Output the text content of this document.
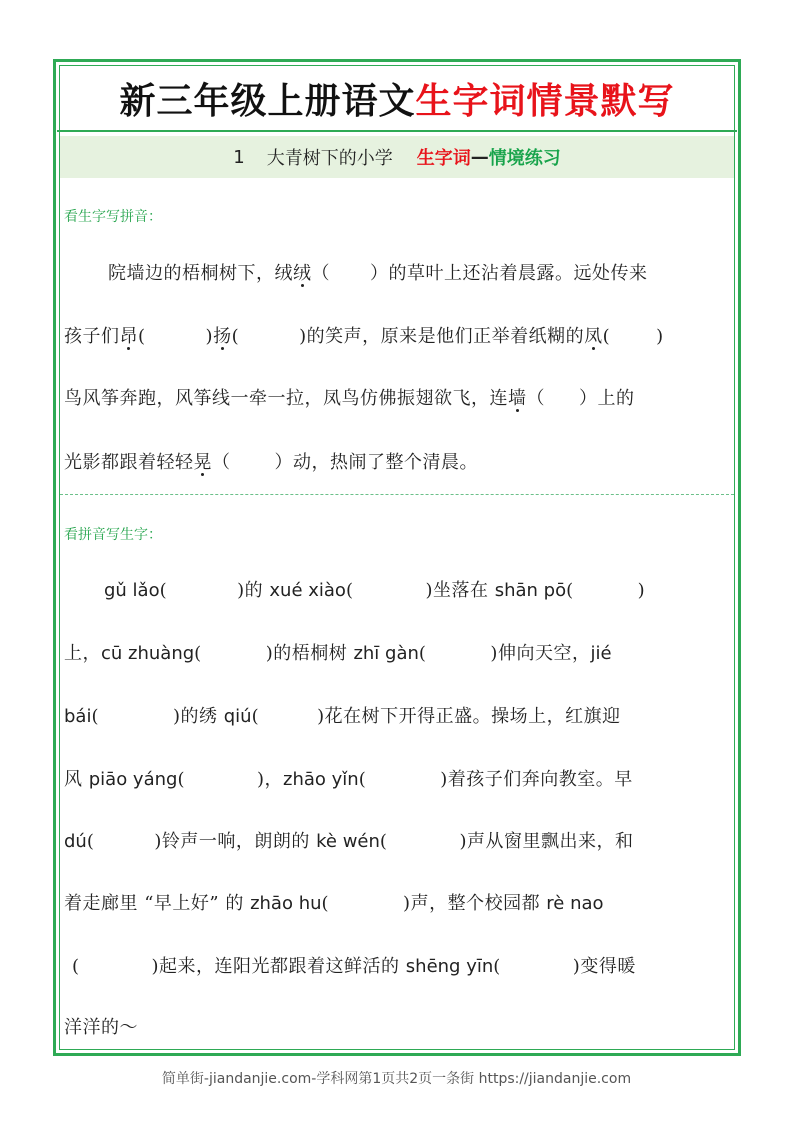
新三年级上册语文 生字词情景默写
1 大青树下的小学 生字词 — 情境练习
看生字写拼音：
院墙边的梧桐树下，绒绒（ ）的草叶上还沾着晨露。远处传来
孩子们昂(	)扬(	)的笑声，原来是他们正举着纸糊的凤(	)
鸟风筝奔跑，风筝线一牵一拉，凤鸟仿佛振翅欲飞，连墙（ ）上的
光影都跟着轻轻晃（ ）动，热闹了整个清晨。
看拼音写生字：
gǔ lǎo(	)的 xué xiào(	)坐落在 shān pō(	)
上，cū zhuàng(	)的梧桐树 zhī gàn(	)伸向天空，jié
bái(	)的绣 qiú(	)花在树下开得正盛。操场上，红旗迎
风 piāo yáng(	)，zhāo yǐn(	)着孩子们奔向教室。早
dú(	)铃声一响，朗朗的 kè wén(	)声从窗里飘出来，和
着走廊里 “早上好” 的 zhāo hu(	)声，整个校园都 rè nao
(	)起来，连阳光都跟着这鲜活的 shēng yīn(	)变得暖
洋洋的～
简单街-jiandanjie.com-学科网第1页共2页一条街 https://jiandanjie.com
